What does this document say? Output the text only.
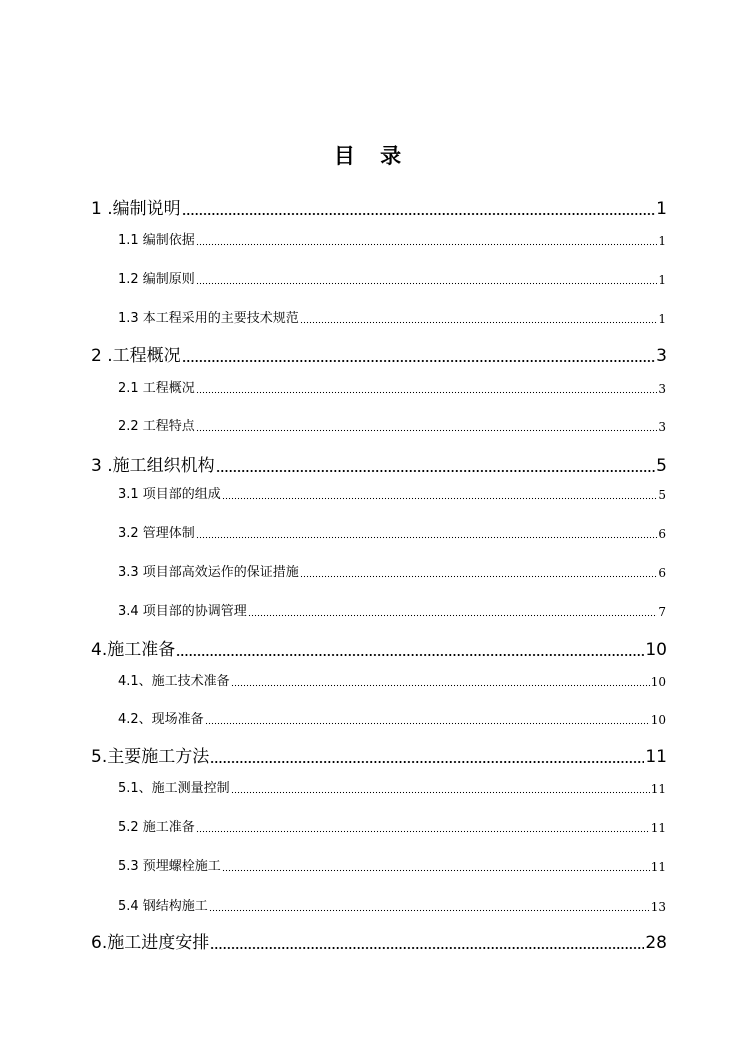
目 录
1 .编制说明	1
1.1 编制依据	1
1.2 编制原则	1
1.3 本工程采用的主要技术规范	1
2 .工程概况	3
2.1 工程概况	3
2.2 工程特点	3
3 .施工组织机构	5
3.1 项目部的组成	5
3.2 管理体制	6
3.3 项目部高效运作的保证措施	6
3.4 项目部的协调管理	7
4.施工准备	10
4.1、施工技术准备	10
4.2、现场准备	10
5.主要施工方法	11
5.1、施工测量控制	11
5.2 施工准备	11
5.3 预埋螺栓施工	11
5.4 钢结构施工	13
6.施工进度安排	28
